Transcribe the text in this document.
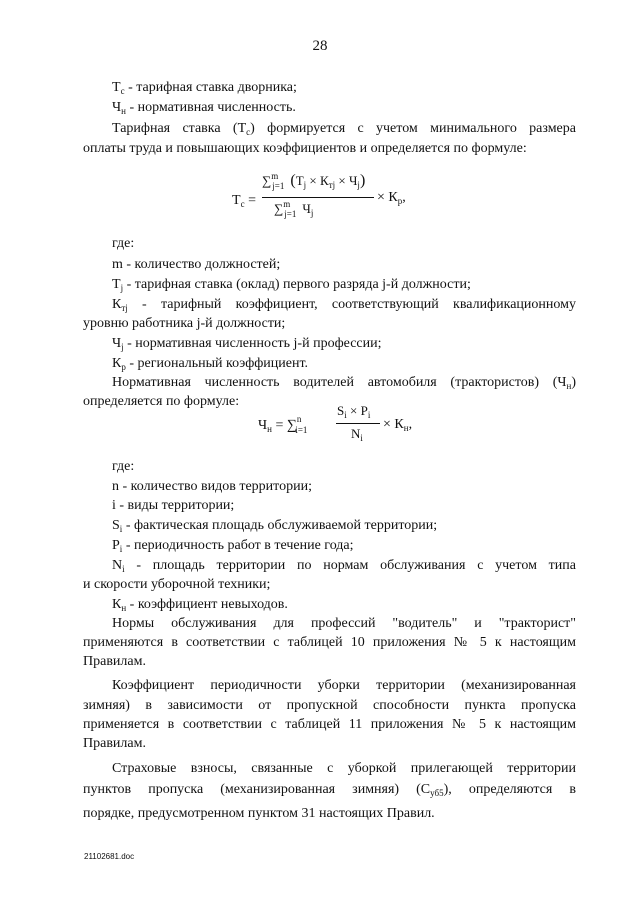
28
$Т_с$ - тарифная ставка дворника;
$Ч_н$ - нормативная численность.
Тарифная ставка $(Т_с)$ формируется с учетом минимального размера
оплаты труда и повышающих коэффициентов и определяется по формуле:
$Т_с$ =
∑$^m_{j=1}$ $(Т_j \times К_{тj} \times Ч_j)$
∑$^m_{j=1}$ $Ч_j$
× $К_р$,
где:
m - количество должностей;
$Т_j$ - тарифная ставка (оклад) первого разряда j-й должности;
$К_{тj}$ - тарифный коэффициент, соответствующий квалификационному
уровню работника j-й должности;
$Ч_j$ - нормативная численность j-й профессии;
$К_р$ - региональный коэффициент.
Нормативная численность водителей автомобиля (трактористов) $(Ч_н)$
определяется по формуле:
$Ч_н = \sum^n_{i=1}$
$S_i \times P_i$
$N_i$
× $К_н$,
где:
n - количество видов территории;
i - виды территории;
$S_i$ - фактическая площадь обслуживаемой территории;
$P_i$ - периодичность работ в течение года;
$N_i$ - площадь территории по нормам обслуживания с учетом типа
и скорости уборочной техники;
$К_н$ - коэффициент невыходов.
Нормы обслуживания для профессий "водитель" и "тракторист"
применяются в соответствии с таблицей 10 приложения № 5 к настоящим
Правилам.
Коэффициент периодичности уборки территории (механизированная
зимняя) в зависимости от пропускной способности пункта пропуска
применяется в соответствии с таблицей 11 приложения № 5 к настоящим
Правилам.
Страховые взносы, связанные с уборкой прилегающей территории
пунктов пропуска (механизированная зимняя) $(С_{уб5})$, определяются в
порядке, предусмотренном пунктом 31 настоящих Правил.
21102681.doc
